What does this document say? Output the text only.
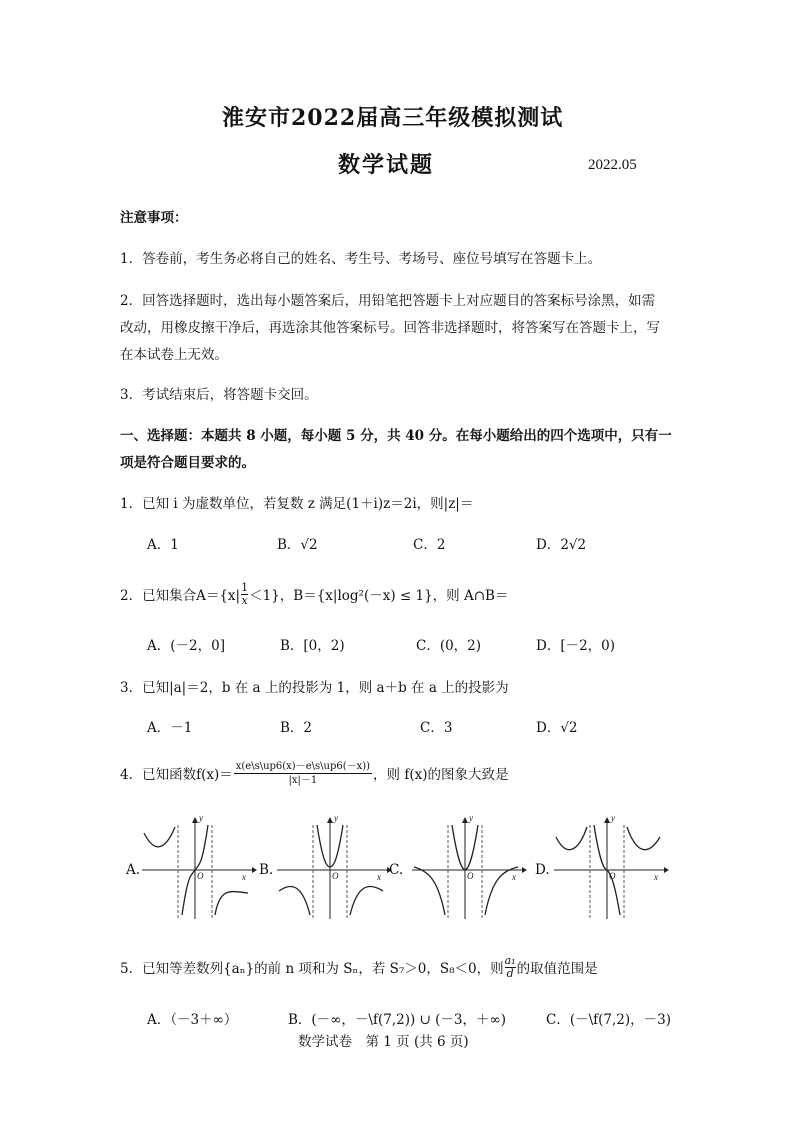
淮安市2022届高三年级模拟测试
数学试题	2022.05
注意事项：
1．答卷前，考生务必将自己的姓名、考生号、考场号、座位号填写在答题卡上。
2．回答选择题时，选出每小题答案后，用铅笔把答题卡上对应题目的答案标号涂黑，如需
改动，用橡皮擦干净后，再选涂其他答案标号。回答非选择题时，将答案写在答题卡上，写
在本试卷上无效。
3．考试结束后，将答题卡交回。
一、选择题：本题共 8 小题，每小题 5 分，共 40 分。在每小题给出的四个选项中，只有一
项是符合题目要求的。
1．已知 i 为虚数单位，若复数 z 满足(1＋i)z＝2i，则|z|＝
A．1	B．√2	C．2	D．2√2
2．已知集合$A=\{x| \frac{1}{x} <1\}$，B＝{x|log²(－x) ≤ 1}，则 A∩B＝
A．(－2，0]	B．[0，2)	C．(0，2)	D．[－2，0)
3．已知|a|＝2，b 在 a 上的投影为 1，则 a＋b 在 a 上的投影为
A．－1	B．2	C．3	D．√2
4．已知函数$f(x)= \frac{x(e\backslash s\backslash up6(x)-e\backslash s\backslash up6(-x))}{|x|-1}$ ，则 f(x)的图象大致是
A.
y
x
O	B.
y
x
O	C.
y
x
O	D.
y
x
O
5．已知等差数列{aₙ}的前 n 项和为 Sₙ，若 S₇＞0，S₈＜0，则 $\frac{\text{a₁}}{d}$ 的取值范围是
A．（－3＋∞）	B．(－∞，－\f(7,2)) ∪ (－3，＋∞)	C．(－\f(7,2)，－3)
数学试卷　第 1 页 (共 6 页)
